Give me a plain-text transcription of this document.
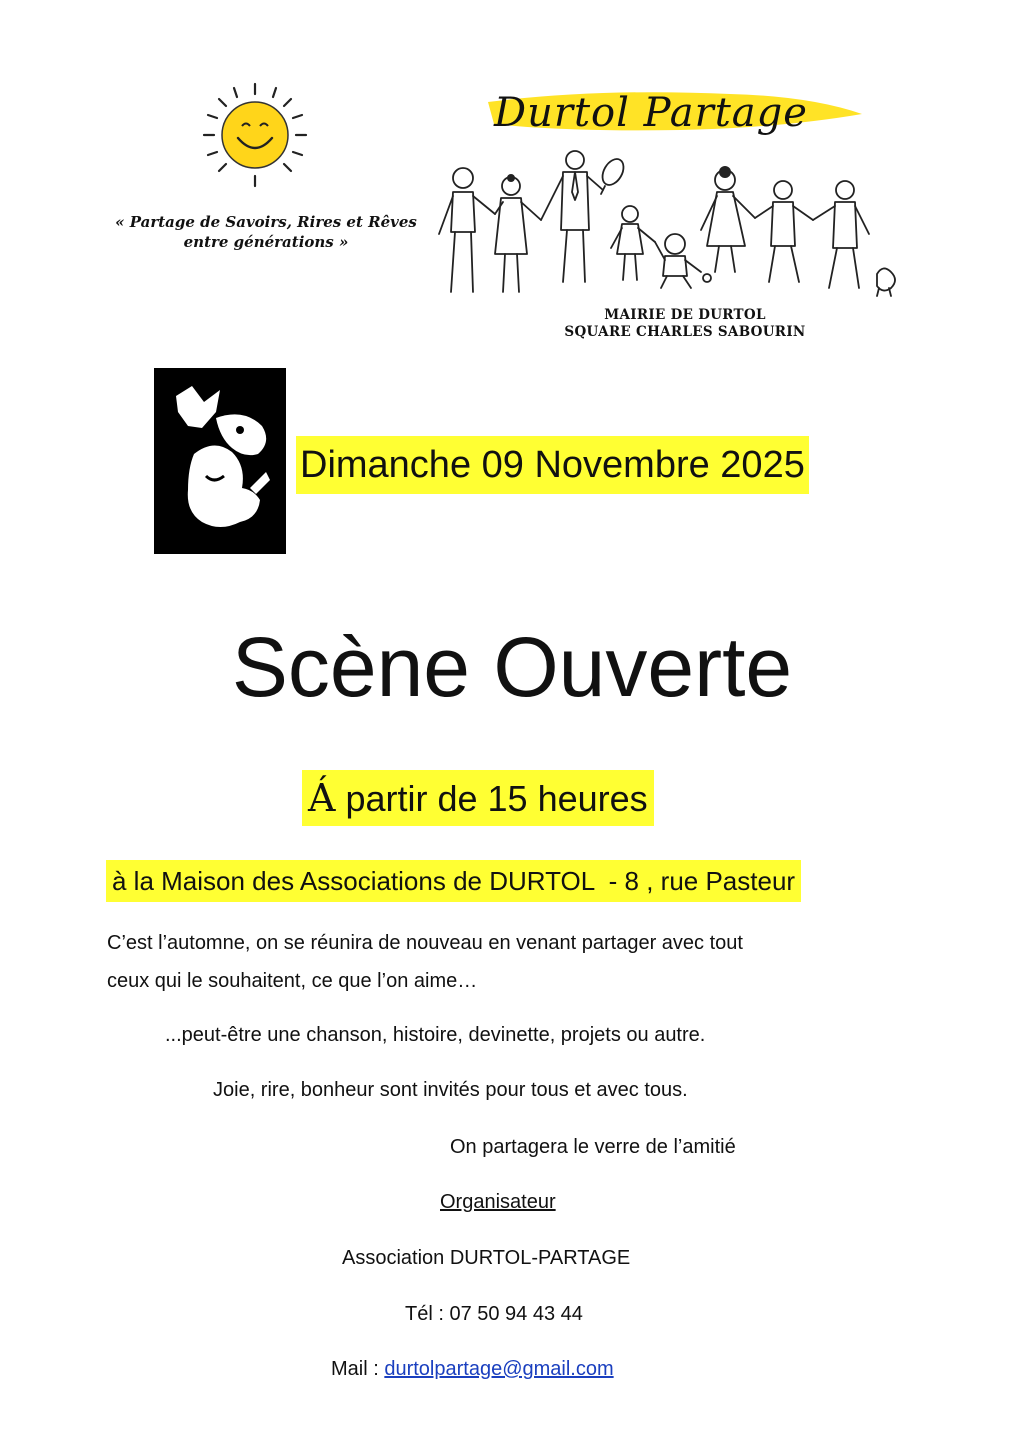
« Partage de Savoirs, Rires et Rêves
entre générations »
Durtol Partage
MAIRIE DE DURTOL
SQUARE CHARLES SABOURIN
Dimanche 09 Novembre 2025
Scène Ouverte
Á partir de 15 heures
à la Maison des Associations de DURTOL  - 8 , rue Pasteur
C’est l’automne, on se réunira de nouveau en venant partager avec tout
ceux qui le souhaitent, ce que l’on aime…
...peut-être une chanson, histoire, devinette, projets ou autre.
Joie, rire, bonheur sont invités pour tous et avec tous.
On partagera le verre de l’amitié
Organisateur
Association DURTOL-PARTAGE
Tél : 07 50 94 43 44
Mail : durtolpartage@gmail.com
